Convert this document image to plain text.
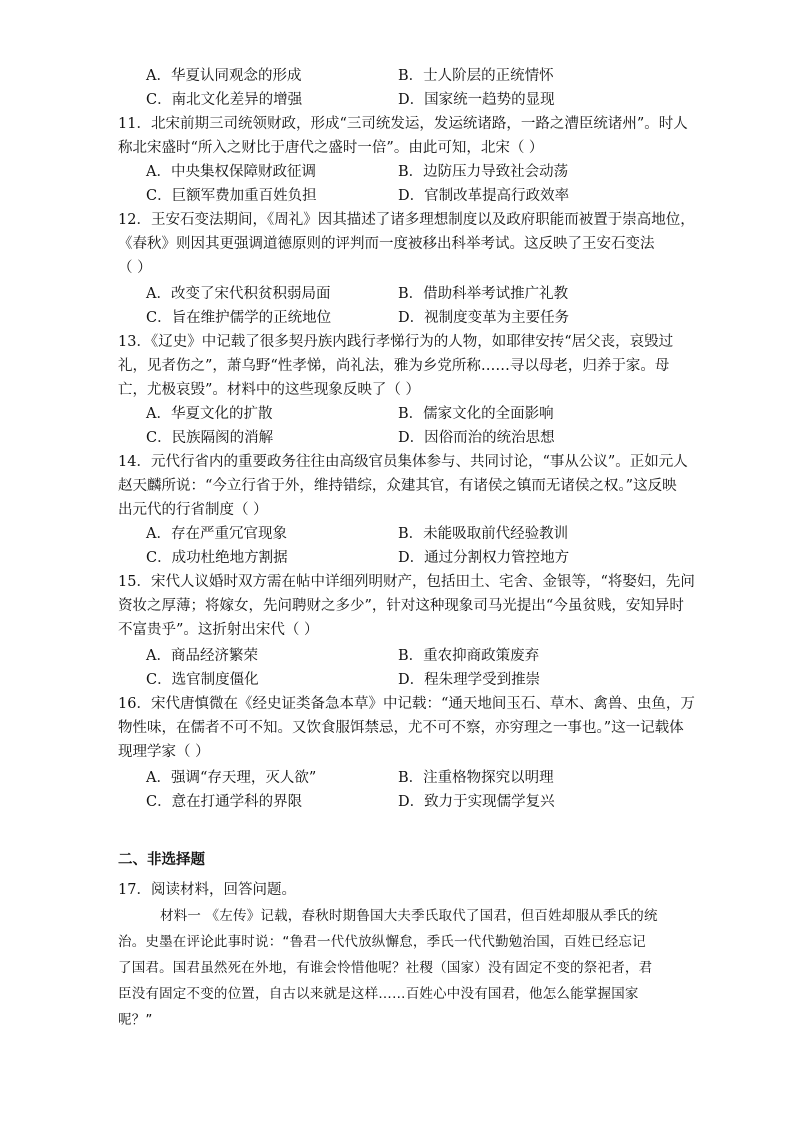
A．华夏认同观念的形成	B．士人阶层的正统情怀
C．南北文化差异的增强	D．国家统一趋势的显现
11．北宋前期三司统领财政，形成“三司统发运，发运统诸路，一路之漕臣统诸州”。时人
称北宋盛时“所入之财比于唐代之盛时一倍”。由此可知，北宋（ ）
A．中央集权保障财政征调	B．边防压力导致社会动荡
C．巨额军费加重百姓负担	D．官制改革提高行政效率
12．王安石变法期间，《周礼》因其描述了诸多理想制度以及政府职能而被置于崇高地位，
《春秋》则因其更强调道德原则的评判而一度被移出科举考试。这反映了王安石变法
（ ）
A．改变了宋代积贫积弱局面	B．借助科举考试推广礼教
C．旨在维护儒学的正统地位	D．视制度变革为主要任务
13．《辽史》中记载了很多契丹族内践行孝悌行为的人物，如耶律安抟“居父丧，哀毁过
礼，见者伤之”，萧乌野“性孝悌，尚礼法，雅为乡党所称……寻以母老，归养于家。母
亡，尤极哀毁”。材料中的这些现象反映了（ ）
A．华夏文化的扩散	B．儒家文化的全面影响
C．民族隔阂的消解	D．因俗而治的统治思想
14．元代行省内的重要政务往往由高级官员集体参与、共同讨论，“事从公议”。正如元人
赵天麟所说：“今立行省于外，维持错综，众建其官，有诸侯之镇而无诸侯之权。”这反映
出元代的行省制度（ ）
A．存在严重冗官现象	B．未能吸取前代经验教训
C．成功杜绝地方割据	D．通过分割权力管控地方
15．宋代人议婚时双方需在帖中详细列明财产，包括田土、宅舍、金银等，“将娶妇，先问
资妆之厚薄；将嫁女，先问聘财之多少”，针对这种现象司马光提出“今虽贫贱，安知异时
不富贵乎”。这折射出宋代（ ）
A．商品经济繁荣	B．重农抑商政策废弃
C．选官制度僵化	D．程朱理学受到推崇
16．宋代唐慎微在《经史证类备急本草》中记载：“通天地间玉石、草木、禽兽、虫鱼，万
物性味，在儒者不可不知。又饮食服饵禁忌，尤不可不察，亦穷理之一事也。”这一记载体
现理学家（ ）
A．强调“存天理，灭人欲”	B．注重格物探究以明理
C．意在打通学科的界限	D．致力于实现儒学复兴
二、非选择题
17．阅读材料，回答问题。
材料一 《左传》记载，春秋时期鲁国大夫季氏取代了国君，但百姓却服从季氏的统
治。史墨在评论此事时说：“鲁君一代代放纵懈怠，季氏一代代勤勉治国，百姓已经忘记
了国君。国君虽然死在外地，有谁会怜惜他呢？社稷（国家）没有固定不变的祭祀者，君
臣没有固定不变的位置，自古以来就是这样……百姓心中没有国君，他怎么能掌握国家
呢？”
